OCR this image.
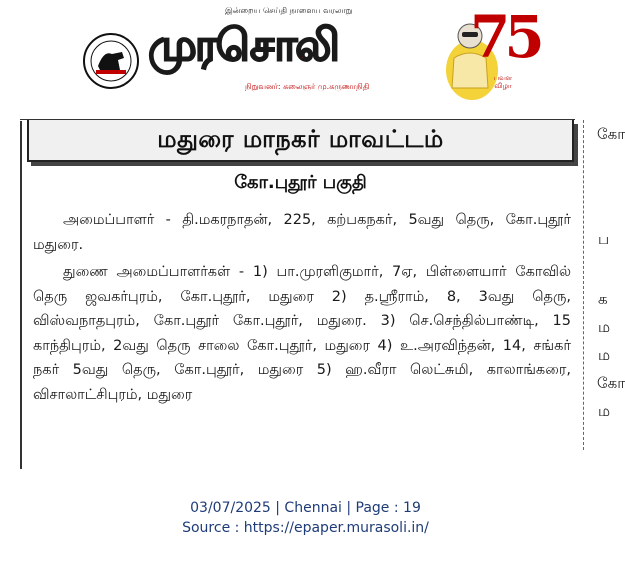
இன்றைய செய்தி நாளைய வரலாறு
முரசொலி
நிறுவனர்: கலைஞர் மு.கருணாநிதி
75
பவள விழா
மதுரை மாநகர் மாவட்டம்
கோ.புதூர் பகுதி

அமைப்பாளர் - தி.மகரநாதன், 225, கற்பகநகர், 5வது தெரு, கோ.புதூர் மதுரை.

துணை அமைப்பாளர்கள் - 1) பா.முரளிகுமார், 7ஏ, பிள்ளையார் கோவில் தெரு ஜவகர்புரம், கோ.புதூர், மதுரை 2) த.ஸ்ரீராம், 8, 3வது தெரு, விஸ்வநாதபுரம், கோ.புதூர் கோ.புதூர், மதுரை. 3) செ.செந்தில்பாண்டி, 15 காந்திபுரம், 2வது தெரு சாலை கோ.புதூர், மதுரை 4) உ.அரவிந்தன், 14, சங்கர் நகர் 5வது தெரு, கோ.புதூர், மதுரை 5) ஹ.வீரா லெட்சுமி, காலாங்கரை, விசாலாட்சிபுரம், மதுரை

கோ
ப
க
ம
ம
கோ
ம
03/07/2025 | Chennai | Page : 19
Source : https://epaper.murasoli.in/
